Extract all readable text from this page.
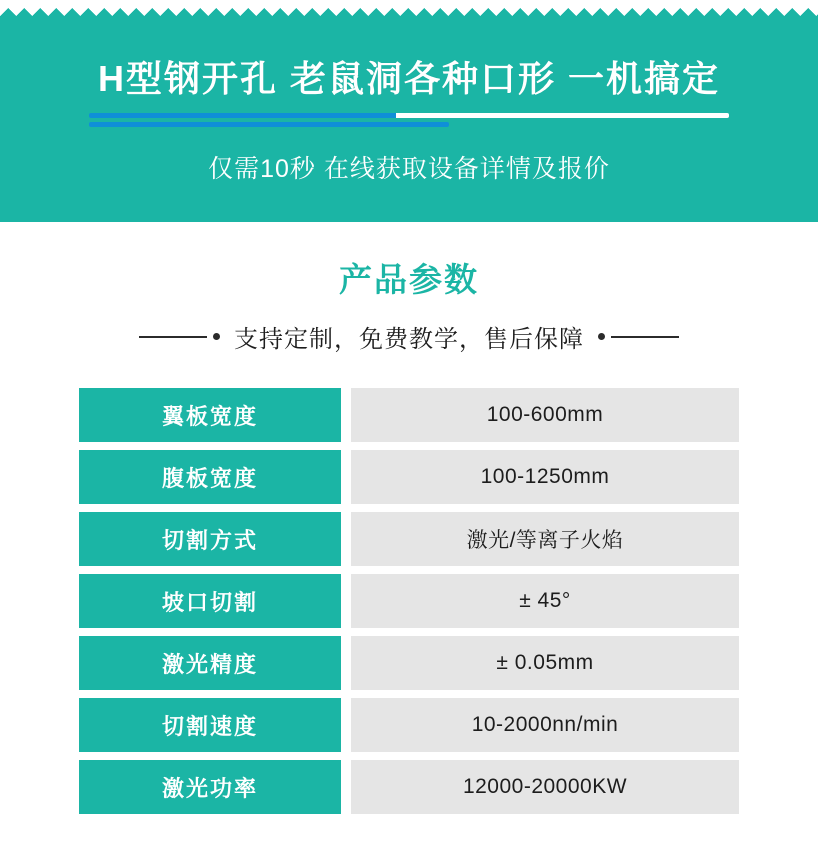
H型钢开孔 老鼠洞各种口形 一机搞定
仅需10秒 在线获取设备详情及报价
产品参数
支持定制，免费教学，售后保障
翼板宽度		100-600mm
腹板宽度		100-1250mm
切割方式		激光/等离子火焰
坡口切割		± 45°
激光精度		± 0.05mm
切割速度		10-2000nn/min
激光功率		12000-20000KW
